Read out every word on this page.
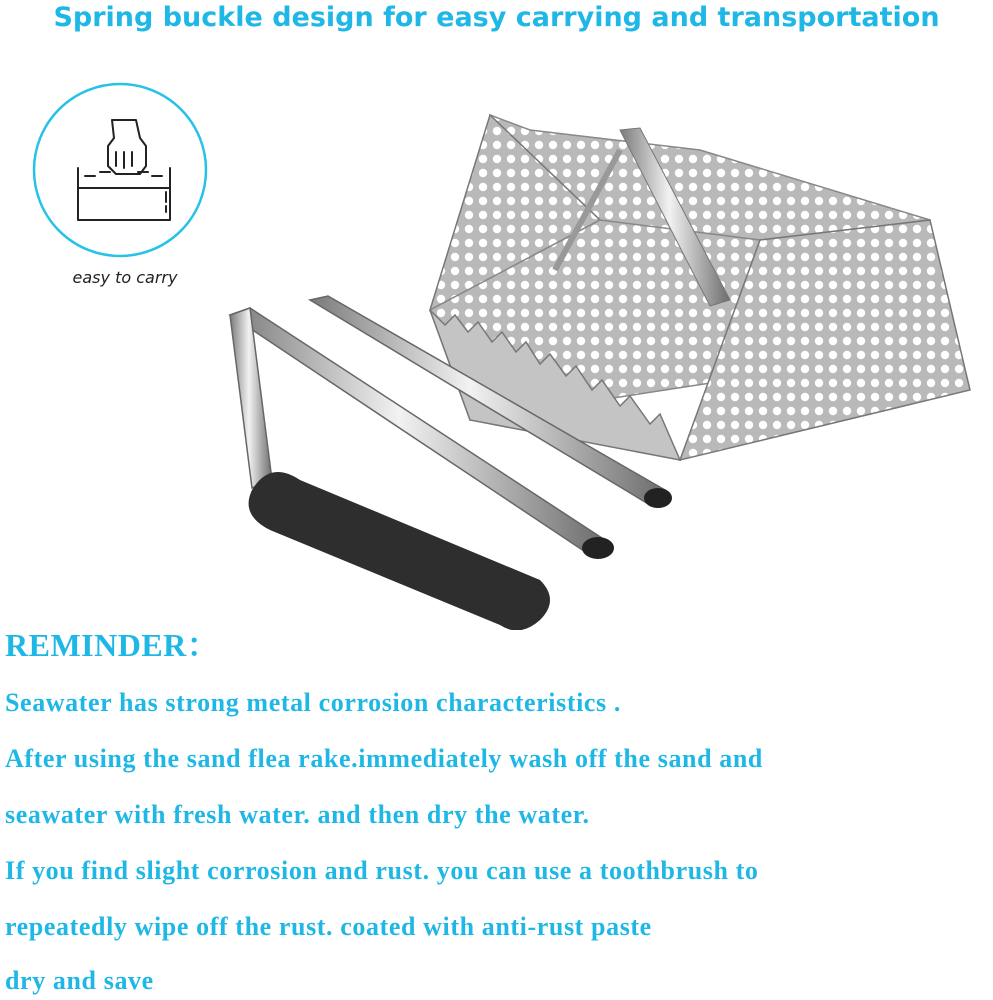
Spring buckle design for easy carrying and transportation
easy to carry
REMINDER：
Seawater has strong metal corrosion characteristics .
After using the sand flea rake.immediately wash off the sand and
seawater with fresh water. and then dry the water.
If you find slight corrosion and rust. you can use a toothbrush to
repeatedly wipe off the rust. coated with anti-rust paste
dry and save
